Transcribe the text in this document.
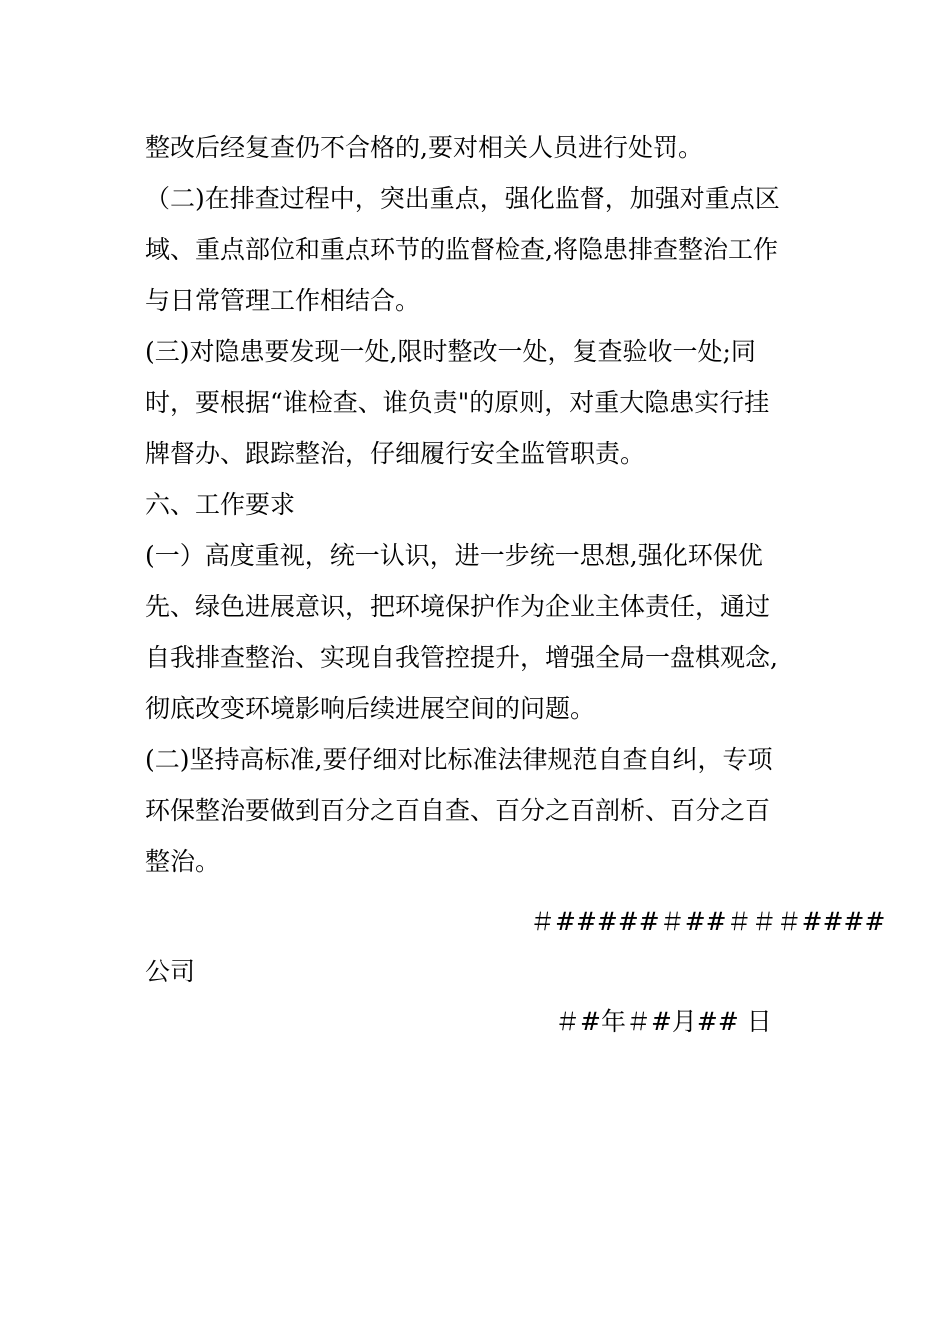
整改后经复查仍不合格的,要对相关人员进行处罚。
（二)在排查过程中，突出重点，强化监督，加强对重点区
域、重点部位和重点环节的监督检查,将隐患排查整治工作
与日常管理工作相结合。
(三)对隐患要发现一处,限时整改一处，复查验收一处;同
时，要根据“谁检查、谁负责"的原则，对重大隐患实行挂
牌督办、跟踪整治，仔细履行安全监管职责。
六、工作要求
(一）高度重视，统一认识，进一步统一思想,强化环保优
先、绿色进展意识，把环境保护作为企业主体责任，通过
自我排查整治、实现自我管控提升，增强全局一盘棋观念,
彻底改变环境影响后续进展空间的问题。
(二)坚持高标准,要仔细对比标准法律规范自查自纠，专项
环保整治要做到百分之百自查、百分之百剖析、百分之百
整治。
＃#####＃##＃＃＃####
公司
＃#年＃#月## 日
